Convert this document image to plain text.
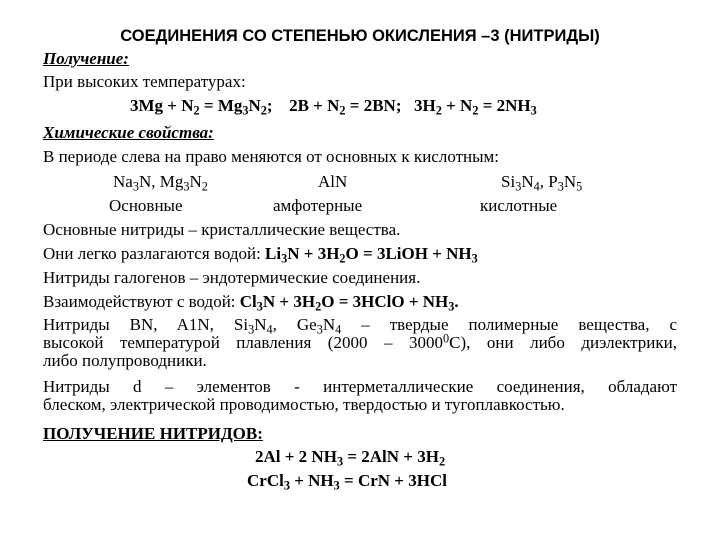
СОЕДИНЕНИЯ СО СТЕПЕНЬЮ ОКИСЛЕНИЯ –3 (НИТРИДЫ)
Получение:
При высоких температурах:
$3Mg + N_2 = Mg_3N_2$; $2B + N_2 = 2BN$; $3H_2 + N_2 = 2NH_3$
Химические свойства:
В периоде слева на право меняются от основных к кислотным:
$Na_3N$, $Mg_3N_2$	AlN	$Si_3N_4$, $P_3N_5$
Основные	амфотерные	кислотные
Основные нитриды – кристаллические вещества.
Они легко разлагаются водой: $Li_3N + 3H_2O$ = 3LiOH + $NH_3$
Нитриды галогенов – эндотермические соединения.
Взаимодействуют с водой: $Cl_3N + 3H_2O$ = 3HClO + $NH_3$.
Нитриды BN, A1N, $Si_3N_4$, $Ge_3N_4$ – твердые полимерные вещества, с
высокой температурой плавления (2000 – 3000$^0$С), они либо диэлектрики,
либо полупроводники.
Нитриды d – элементов - интерметаллические соединения, обладают
блеском, электрической проводимостью, твердостью и тугоплавкостью.
ПОЛУЧЕНИЕ НИТРИДОВ:
2Al + 2 $NH_3 = 2AlN + 3H_2$
CrCl$_3$ + $NH_3$ = CrN + 3HCl
